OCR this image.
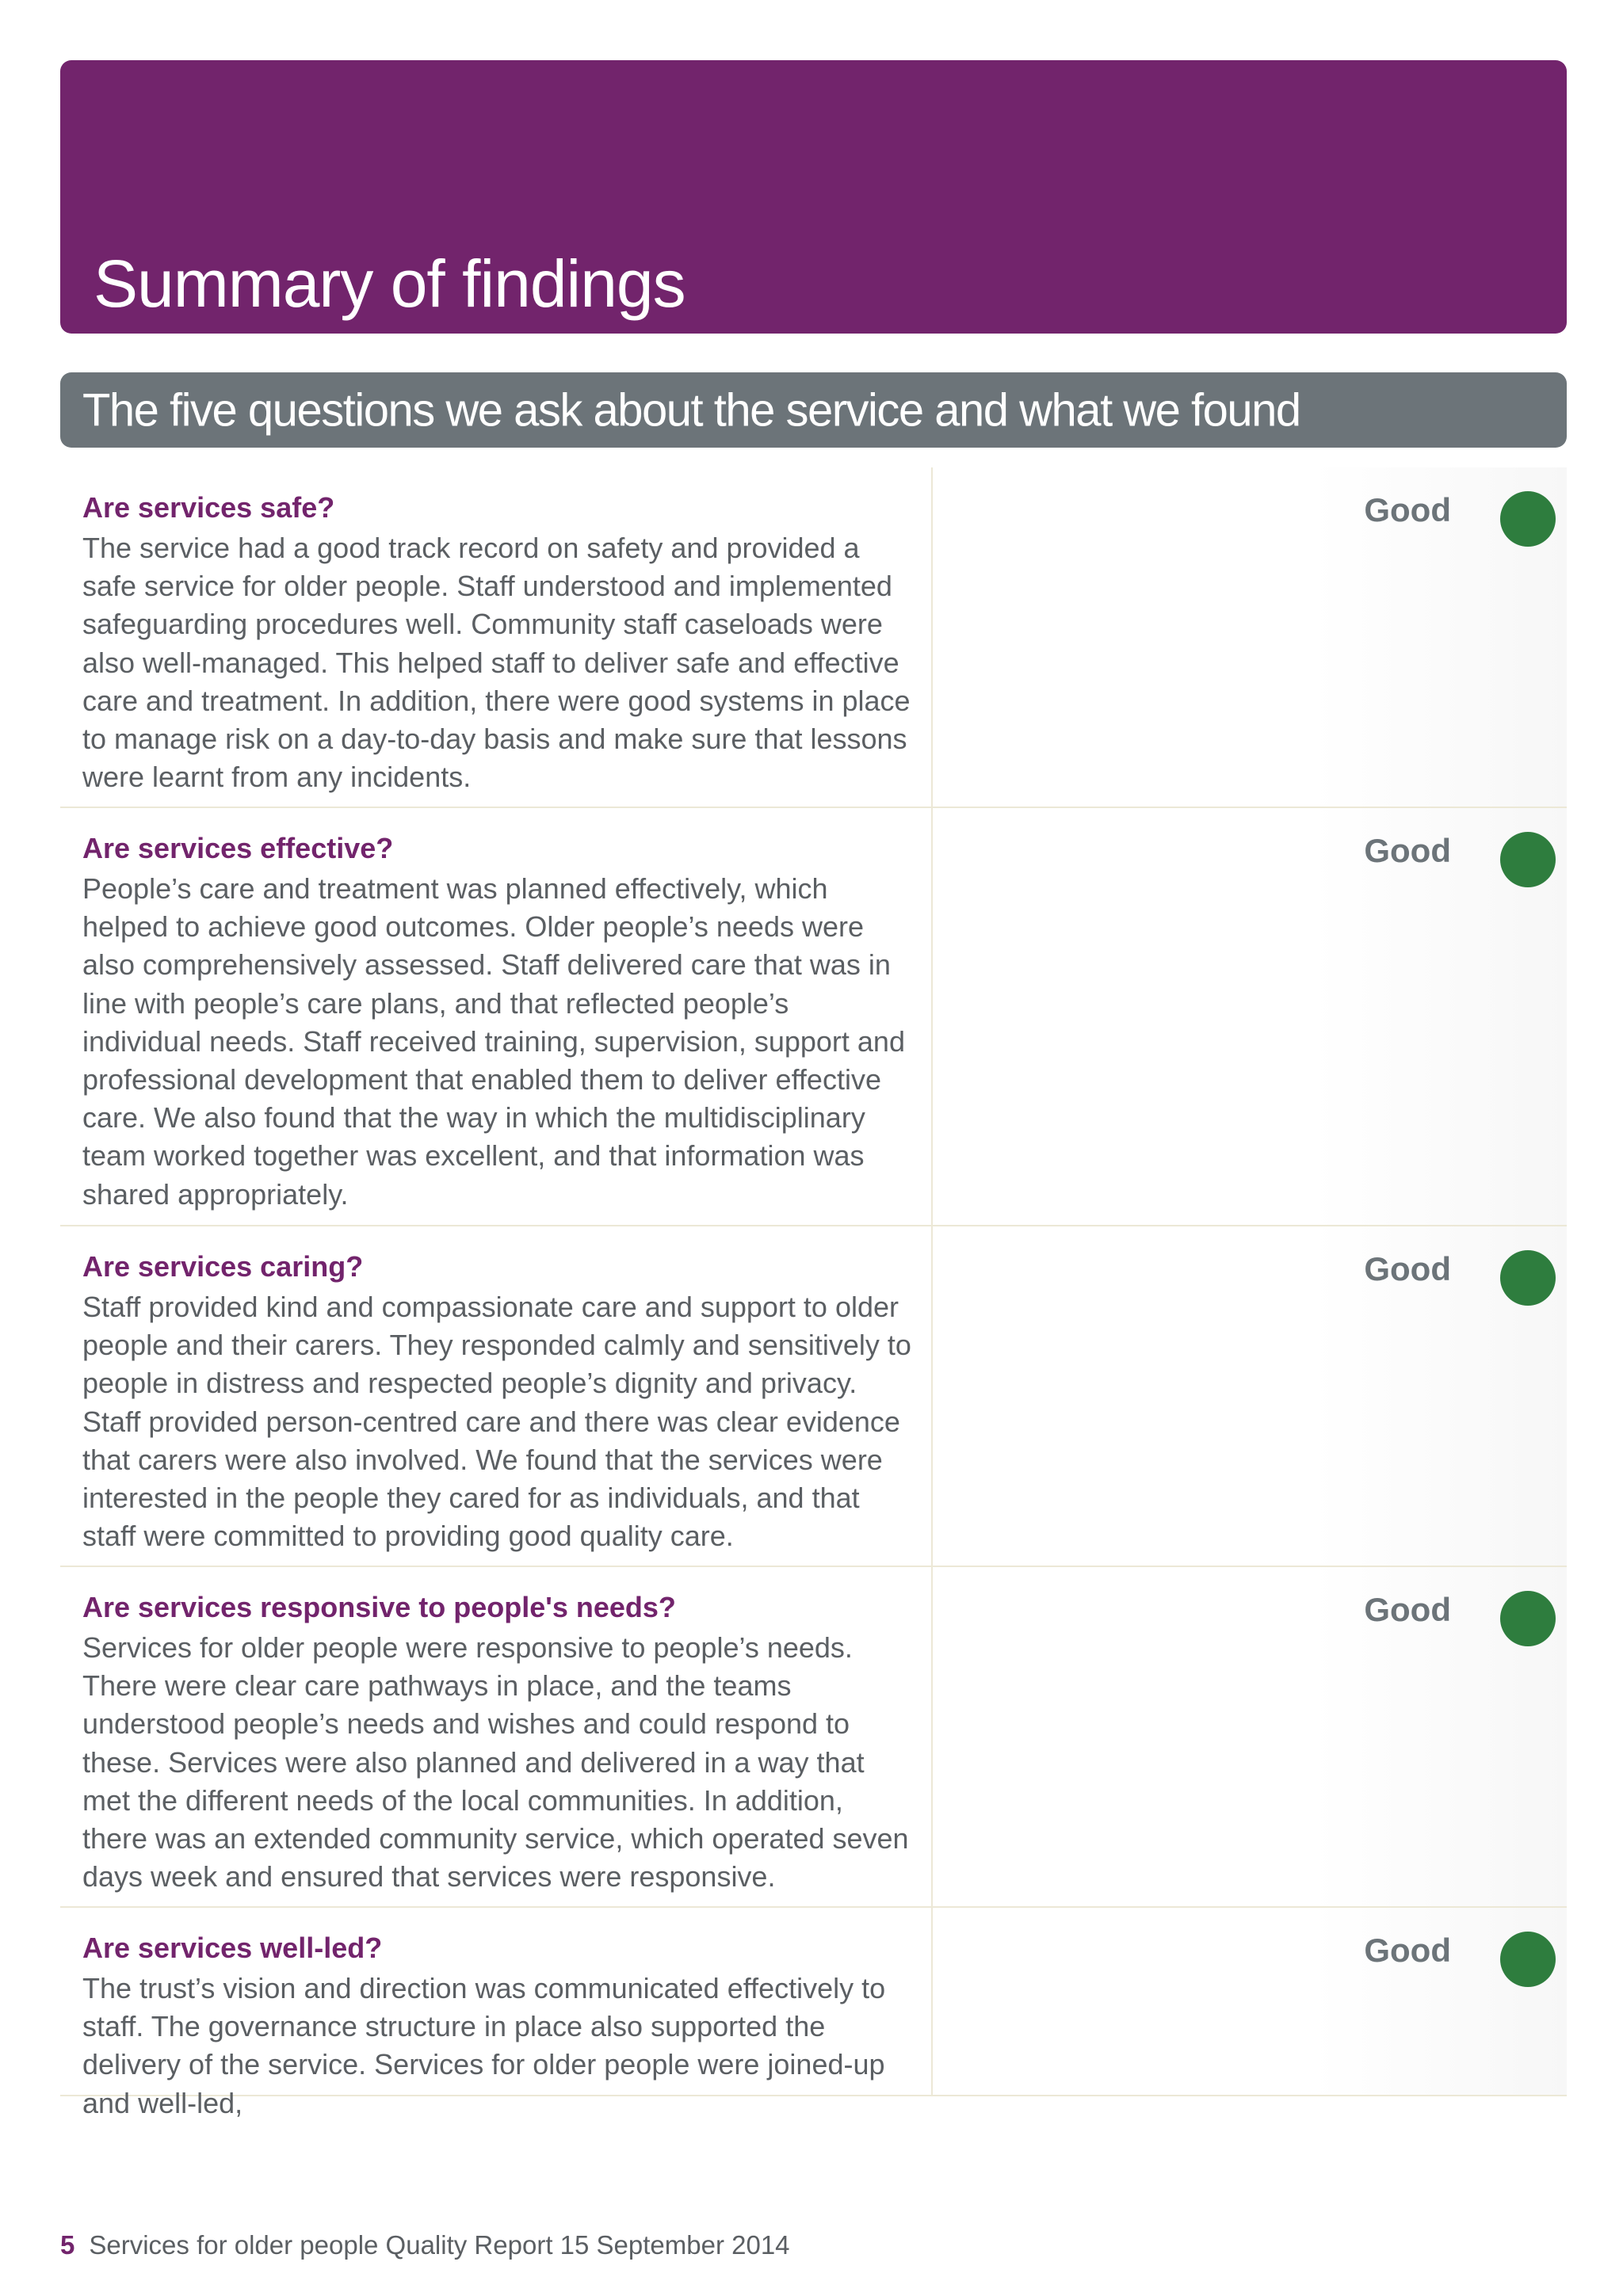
Summary of findings
The five questions we ask about the service and what we found

Are services safe?

The service had a good track record on safety and provided a safe service for older people. Staff understood and implemented safeguarding procedures well. Community staff caseloads were also well-managed. This helped staff to deliver safe and effective care and treatment. In addition, there were good systems in place to manage risk on a day-to-day basis and make sure that lessons were learnt from any incidents.

Good

Are services effective?

People’s care and treatment was planned effectively, which helped to achieve good outcomes. Older people’s needs were also comprehensively assessed. Staff delivered care that was in line with people’s care plans, and that reflected people’s individual needs. Staff received training, supervision, support and professional development that enabled them to deliver effective care. We also found that the way in which the multidisciplinary team worked together was excellent, and that information was shared appropriately.

Good

Are services caring?

Staff provided kind and compassionate care and support to older people and their carers. They responded calmly and sensitively to people in distress and respected people’s dignity and privacy. Staff provided person-centred care and there was clear evidence that carers were also involved. We found that the services were interested in the people they cared for as individuals, and that staff were committed to providing good quality care.

Good

Are services responsive to people's needs?

Services for older people were responsive to people’s needs. There were clear care pathways in place, and the teams understood people’s needs and wishes and could respond to these. Services were also planned and delivered in a way that met the different needs of the local communities. In addition, there was an extended community service, which operated seven days week and ensured that services were responsive.

Good

Are services well-led?

The trust’s vision and direction was communicated effectively to staff. The governance structure in place also supported the delivery of the service. Services for older people were joined-up and well-led,

Good
5 Services for older people Quality Report 15 September 2014
